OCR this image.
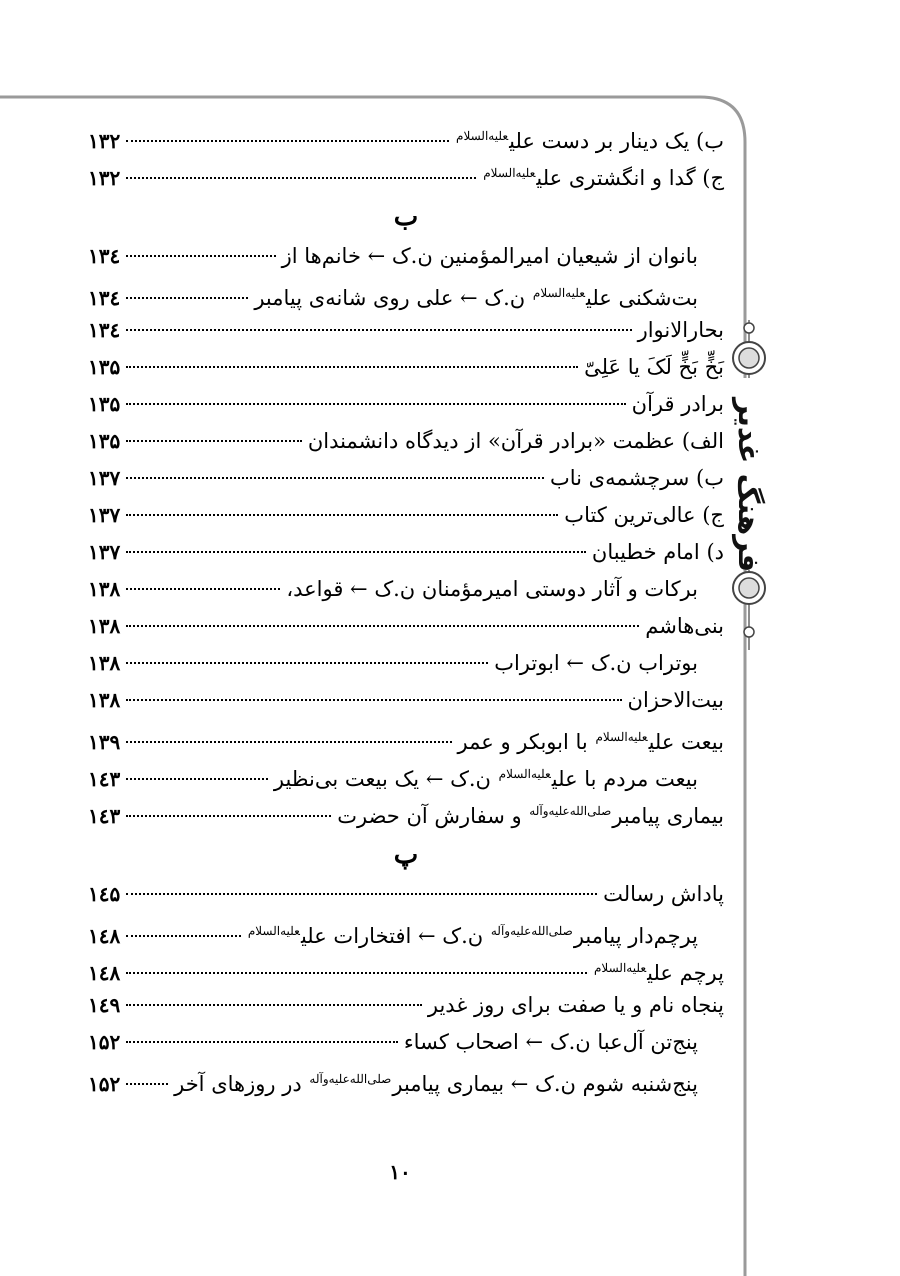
فرهنگ غدیر
ب) یک دینار بر دست علی$^{علیه‌السلام}$
۱۳۲
ج) گدا و انگشتری علی$^{علیه‌السلام}$
۱۳۲
ب
بانوان از شیعیان امیرالمؤمنین ن.ک ← خانم‌ها از
۱۳٤
بت‌شکنی علی$^{علیه‌السلام}$ ن.ک ← علی روی شانه‌ی پیامبر
۱۳٤
بحارالانوار
۱۳٤
بَخٍّ بَخٍّ لَکَ یا عَلِیّ
۱۳۵
برادر قرآن
۱۳۵
الف) عظمت «برادر قرآن» از دیدگاه دانشمندان
۱۳۵
ب) سرچشمه‌ی ناب
۱۳۷
ج) عالی‌ترین کتاب
۱۳۷
د) امام خطیبان
۱۳۷
برکات و آثار دوستی امیرمؤمنان ن.ک ← قواعد،
۱۳۸
بنی‌هاشم
۱۳۸
بوتراب ن.ک ← ابوتراب
۱۳۸
بیت‌الاحزان
۱۳۸
بیعت علی$^{علیه‌السلام}$ با ابوبکر و عمر
۱۳۹
بیعت مردم با علی$^{علیه‌السلام}$ ن.ک ← یک بیعت بی‌نظیر
۱٤۳
بیماری پیامبر$^{صلی‌الله‌علیه‌وآله}$ و سفارش آن حضرت
۱٤۳
پ
پاداش رسالت
۱٤۵
پرچم‌دار پیامبر$^{صلی‌الله‌علیه‌وآله}$ ن.ک ← افتخارات علی$^{علیه‌السلام}$
۱٤۸
پرچم علی$^{علیه‌السلام}$
۱٤۸
پنجاه نام و یا صفت برای روز غدیر
۱٤۹
پنج‌تن آل‌عبا ن.ک ← اصحاب کساء
۱۵۲
پنج‌شنبه شوم ن.ک ← بیماری پیامبر$^{صلی‌الله‌علیه‌وآله}$ در روزهای آخر
۱۵۲
۱۰
